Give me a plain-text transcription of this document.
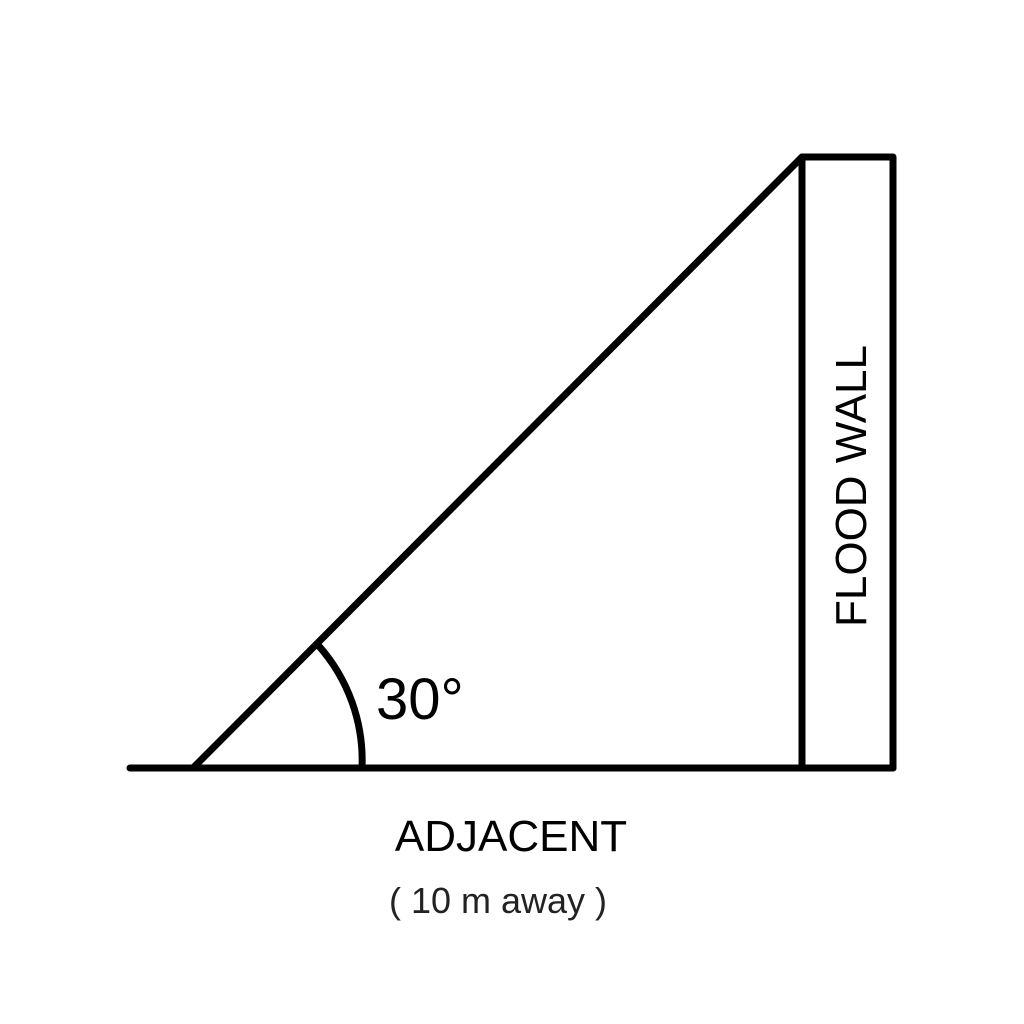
30°
FLOOD WALL
ADJACENT
( 10 m away )
